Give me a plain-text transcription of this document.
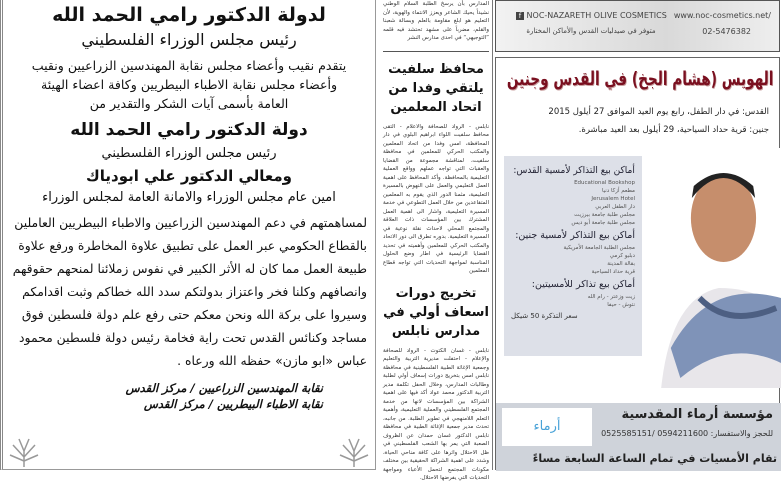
لدولة الدكتور رامي الحمد الله
رئيس مجلس الوزراء الفلسطيني
يتقدم نقيب وأعضاء مجلس نقابة المهندسين الزراعيين ونقيب
وأعضاء مجلس نقابة الاطباء البيطريين وكافة اعضاء الهيئة
العامة بأسمى آيات الشكر والتقدير من
دولة الدكتور رامي الحمد الله
رئيس مجلس الوزراء الفلسطيني
ومعالي الدكتور علي ابودياك
امين عام مجلس الوزراء والامانة العامة لمجلس الوزراء
لمساهمتهم في دعم المهندسين الزراعيين والاطباء البيطريين العاملين
بالقطاع الحكومي عبر العمل على تطبيق علاوة المخاطرة ورفع علاوة
طبيعة العمل مما كان له الأثر الكبير في نفوس زملائنا لمنحهم حقوقهم
وانصافهم وكلنا فخر واعتزاز بدولتكم سدد الله خطاكم وثبت اقدامكم
وسيروا على بركة الله ونحن معكم حتى رفع علم دولة فلسطين فوق
مساجد وكنائس القدس تحت راية فخامة رئيس دولة فلسطين محمود
عباس «ابو مازن» حفظه الله ورعاه .
نقابة المهندسين الزراعيين / مركز القدس
نقابة الاطباء البيطريين / مركز القدس
المدارس بأن يرسخ الطلبة السلام الوطني نشيداً يحيك الشاعر ويعزز الانتماء والهوية، لأن التعليم هو ابلغ مقاومة بالعلم وبسالة شعبنا والقلم، مضرباً على مشهد تحتشد فيه قلمه ”التوجيهي“ في احدى مدارس النشر
محافظ سلفيت يلتقي وفدا من اتحاد المعلمين
نابلس - الرواد للصحافة والاعلام - التقى محافظ سلفيت اللواء ابراهيم البلوي في دار المحافظة، امس وفدا من اتحاد المعلمين والمكتب الحركي للمعلمين في محافظة سلفيت، لمناقشة مجموعة من القضايا والعقبات التي تواجه عملهم وواقع العملية التعليمية بالمحافظة. وأكد المحافظ على اهمية العمل التعليمي والعمل على النهوض بالمسيرة التعليمية، مثمنا الدور الذي يقوم به المعلمين المتقاعدين من خلال العمل التطوعي في خدمة المسيرة التعليمية، واشار الى اهمية العمل المشترك بين المؤسسات ذات العلاقة والمجتمع المحلي لاحداث نقلة نوعية في المسيرة التعليمية. بدوره تطرق الى دور الاتحاد والمكتب الحركي للمعلمين وأهميته في تحديد القضايا الرئيسية في اطار وضع الحلول المناسبة لمواجهة التحديات التي تواجه قطاع المعلمين
تخريج دورات اسعاف أولي في مدارس نابلس
نابلس - غسان الكتوت - الرواد للصحافة والإعلام - احتفلت مديرية التربية والتعليم وجمعية الإغاثة الطبية الفلسطينية في محافظة نابلس امس بتخريج دورات إسعاف أولي لطلبة وطالبات المدارس، وخلال الحفل تكلمة مدير التربية الدكتور محمد عواد أكد فيها على اهمية الشراكة بين المؤسسات لانها من خدمة المجتمع الفلسطيني والعملية التعليمية، وأهمية التعلم اللامنهجي في تطوير الطلبة. من جانبه، تحدث مدير جمعية الإغاثة الطبية في محافظة نابلس الدكتور غسان حمدان عن الظروف الصعبة التي يمر بها الشعب الفلسطيني في ظل الاحتلال واثرها على كافة مناحي الحياة، وشدد على اهمية الشراكة الحقيقية بين مختلف مكونات المجتمع لتحمل الأعباء ومواجهة التحديات التي يفرضها الاحتلال.
f NOC-NAZARETH OLIVE COSMETICS
متوفر في صيدليات القدس والأماكن المختارة
www.noc-cosmetics.net/
02-5476382
الهويس (هشام الجخ) في القدس وجنين
القدس: في دار الطفل، رابع يوم العيد الموافق 27 أيلول 2015
جنين: قرية حداد السياحية، 29 أيلول بعد العيد مباشرة.
أماكن بيع التذاكر لأمسية القدس:
Educational Bookshop
مطعم أزكا دنيا
Jerusalem Hotel
دار الطفل العربي
مجلس طلبة جامعة بيرزيت
مجلس طلبة جامعة أبو ديس
أماكن بيع التذاكر لأمسية جنين:
مجلس الطلبة الجامعة الأمريكية
دبليو كرمي
بقالة المدينة
قرية حداد السياحية
أماكن بيع تذاكر للأمسيتين:
زيت وزعتر - رام الله
نتوش - حيفا
سعر التذكرة 50 شيكل
أرماء
مؤسسة أرماء المقدسية
للحجز والاستفسار: 0594211600 /0525585151
تقام الأمسيات في تمام الساعة السابعة مساءً
